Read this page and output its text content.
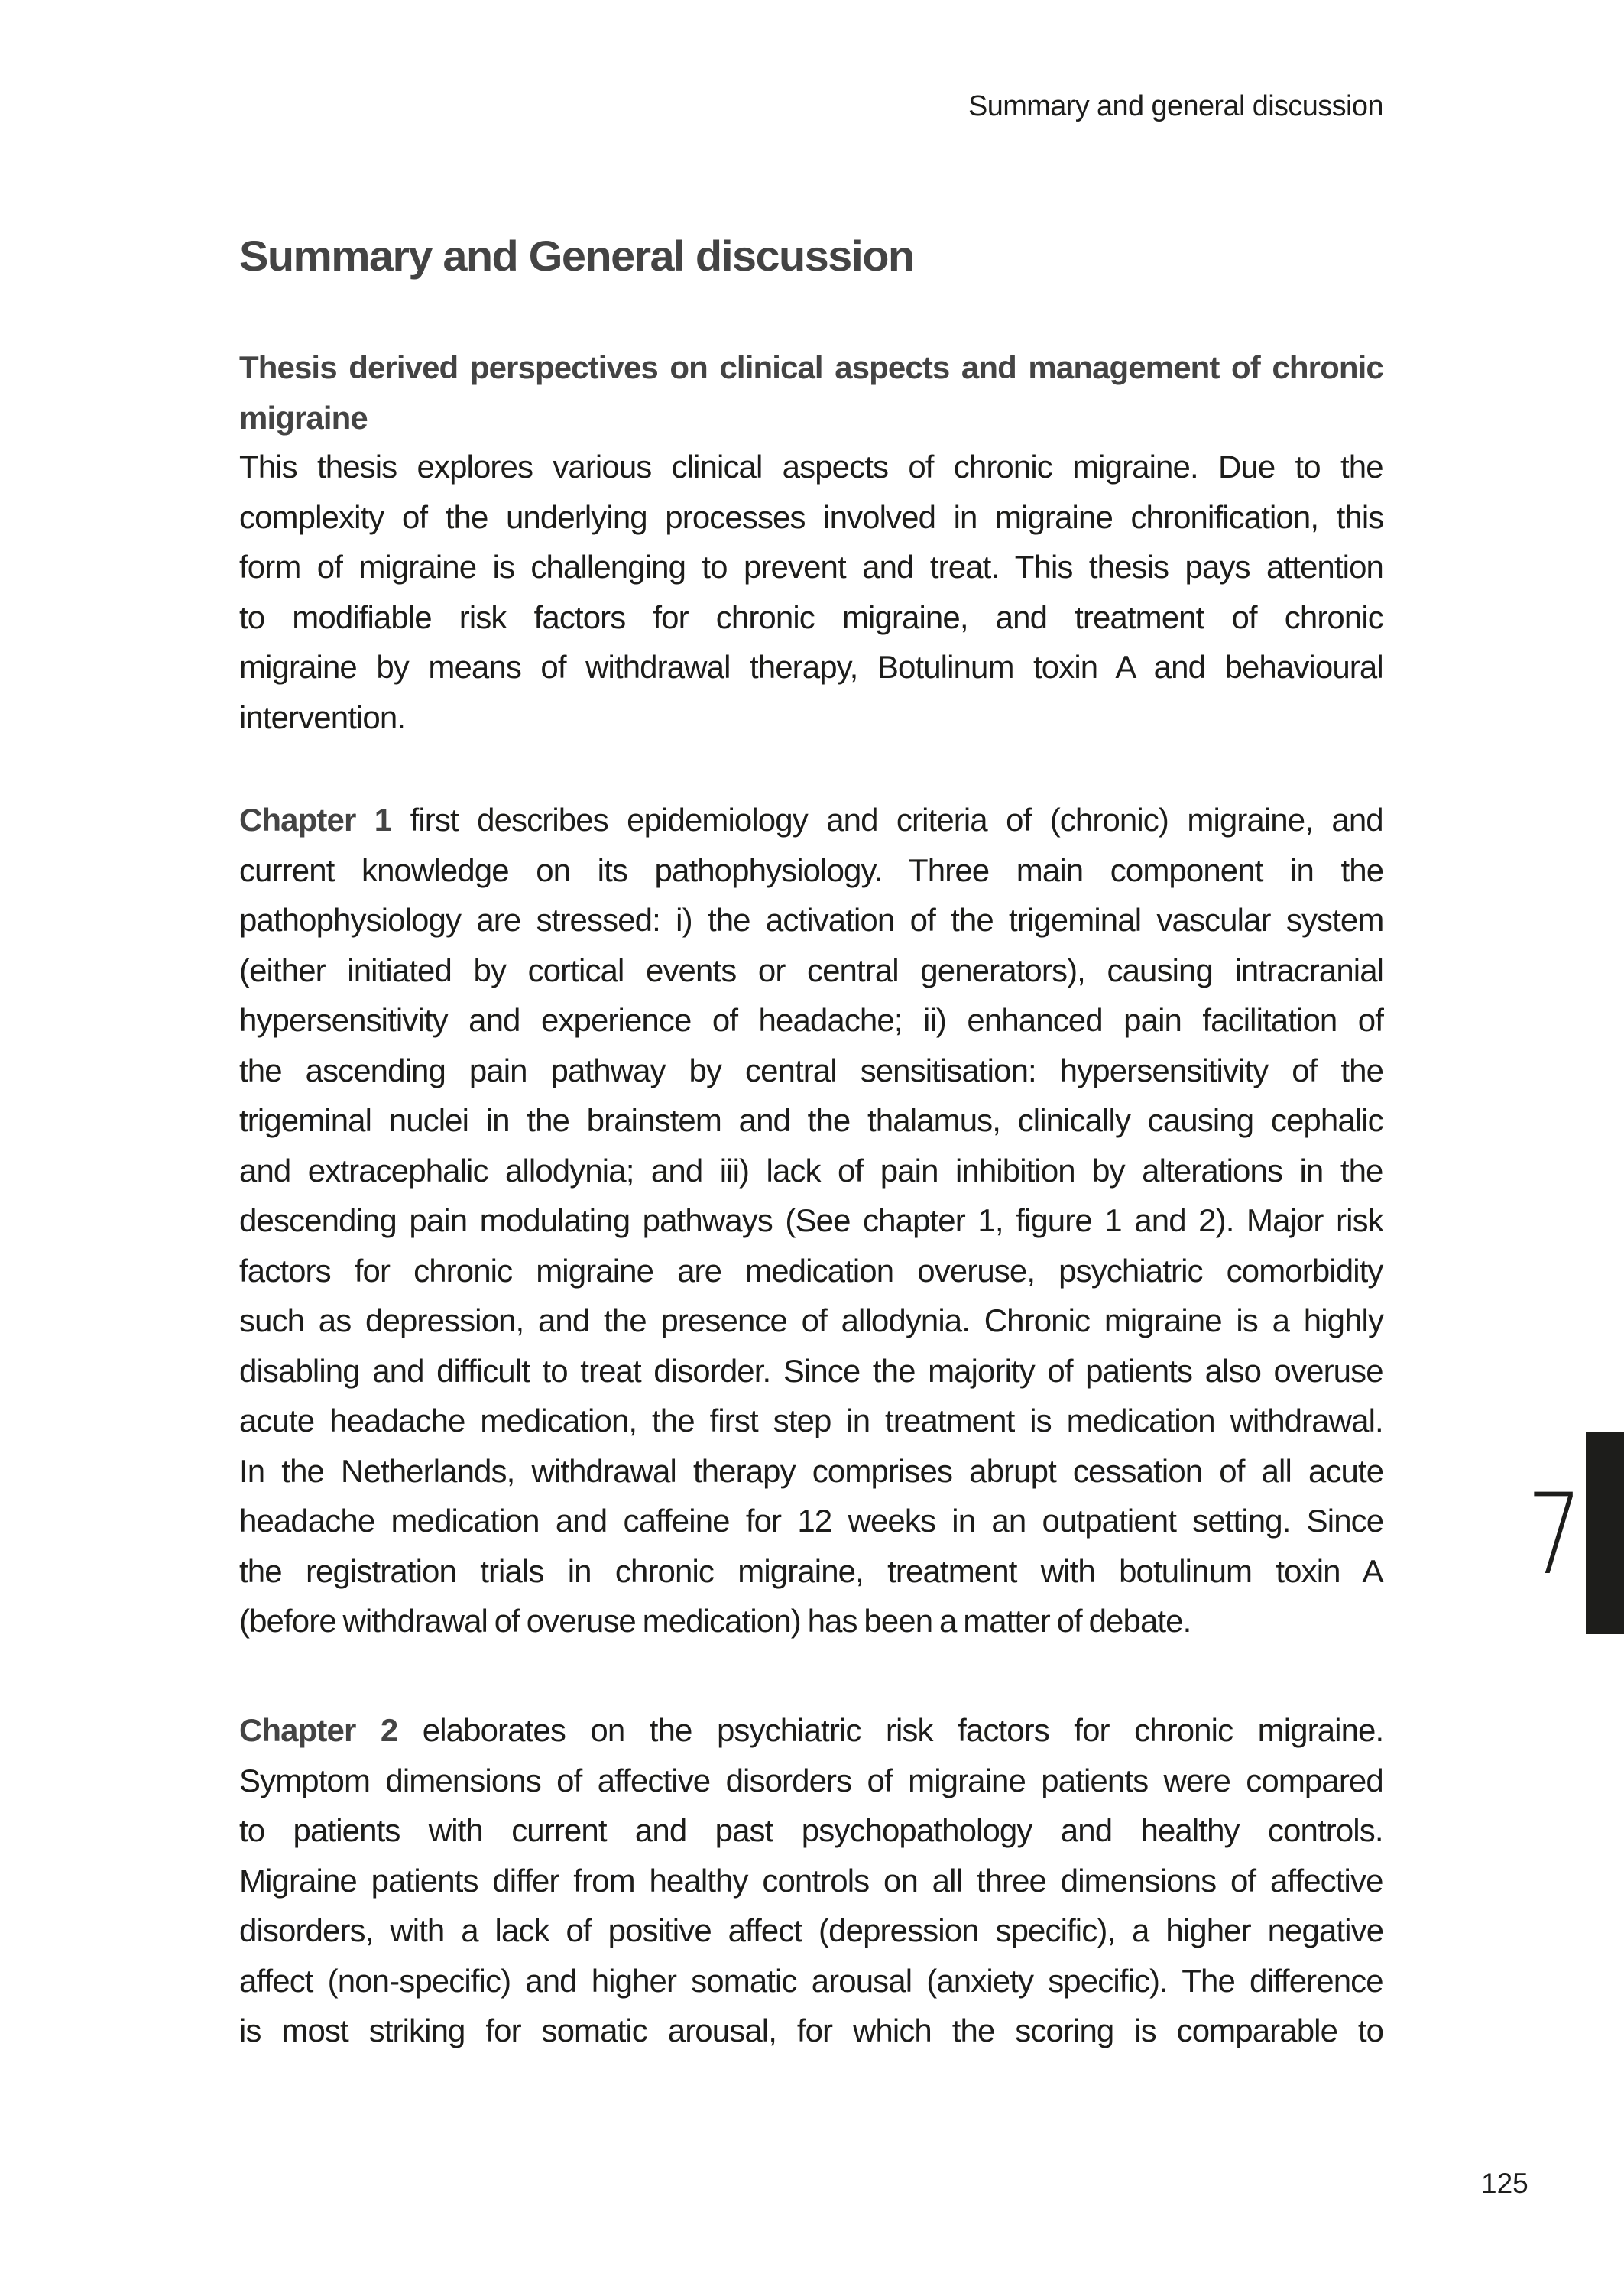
Summary and general discussion
Summary and General discussion
Thesis derived perspectives on clinical aspects and management of chronic
migraine
This thesis explores various clinical aspects of chronic migraine. Due to the
complexity of the underlying processes involved in migraine chronification, this
form of migraine is challenging to prevent and treat. This thesis pays attention
to modifiable risk factors for chronic migraine, and treatment of chronic
migraine by means of withdrawal therapy, Botulinum toxin A and behavioural
intervention.
Chapter 1 first describes epidemiology and criteria of (chronic) migraine, and
current knowledge on its pathophysiology. Three main component in the
pathophysiology are stressed: i) the activation of the trigeminal vascular system
(either initiated by cortical events or central generators), causing intracranial
hypersensitivity and experience of headache; ii) enhanced pain facilitation of
the ascending pain pathway by central sensitisation: hypersensitivity of the
trigeminal nuclei in the brainstem and the thalamus, clinically causing cephalic
and extracephalic allodynia; and iii) lack of pain inhibition by alterations in the
descending pain modulating pathways (See chapter 1, figure 1 and 2). Major risk
factors for chronic migraine are medication overuse, psychiatric comorbidity
such as depression, and the presence of allodynia. Chronic migraine is a highly
disabling and difficult to treat disorder. Since the majority of patients also overuse
acute headache medication, the first step in treatment is medication withdrawal.
In the Netherlands, withdrawal therapy comprises abrupt cessation of all acute
headache medication and caffeine for 12 weeks in an outpatient setting. Since
the registration trials in chronic migraine, treatment with botulinum toxin A
(before withdrawal of overuse medication) has been a matter of debate.
Chapter 2 elaborates on the psychiatric risk factors for chronic migraine.
Symptom dimensions of affective disorders of migraine patients were compared
to patients with current and past psychopathology and healthy controls.
Migraine patients differ from healthy controls on all three dimensions of affective
disorders, with a lack of positive affect (depression specific), a higher negative
affect (non-specific) and higher somatic arousal (anxiety specific). The difference
is most striking for somatic arousal, for which the scoring is comparable to
7
125
